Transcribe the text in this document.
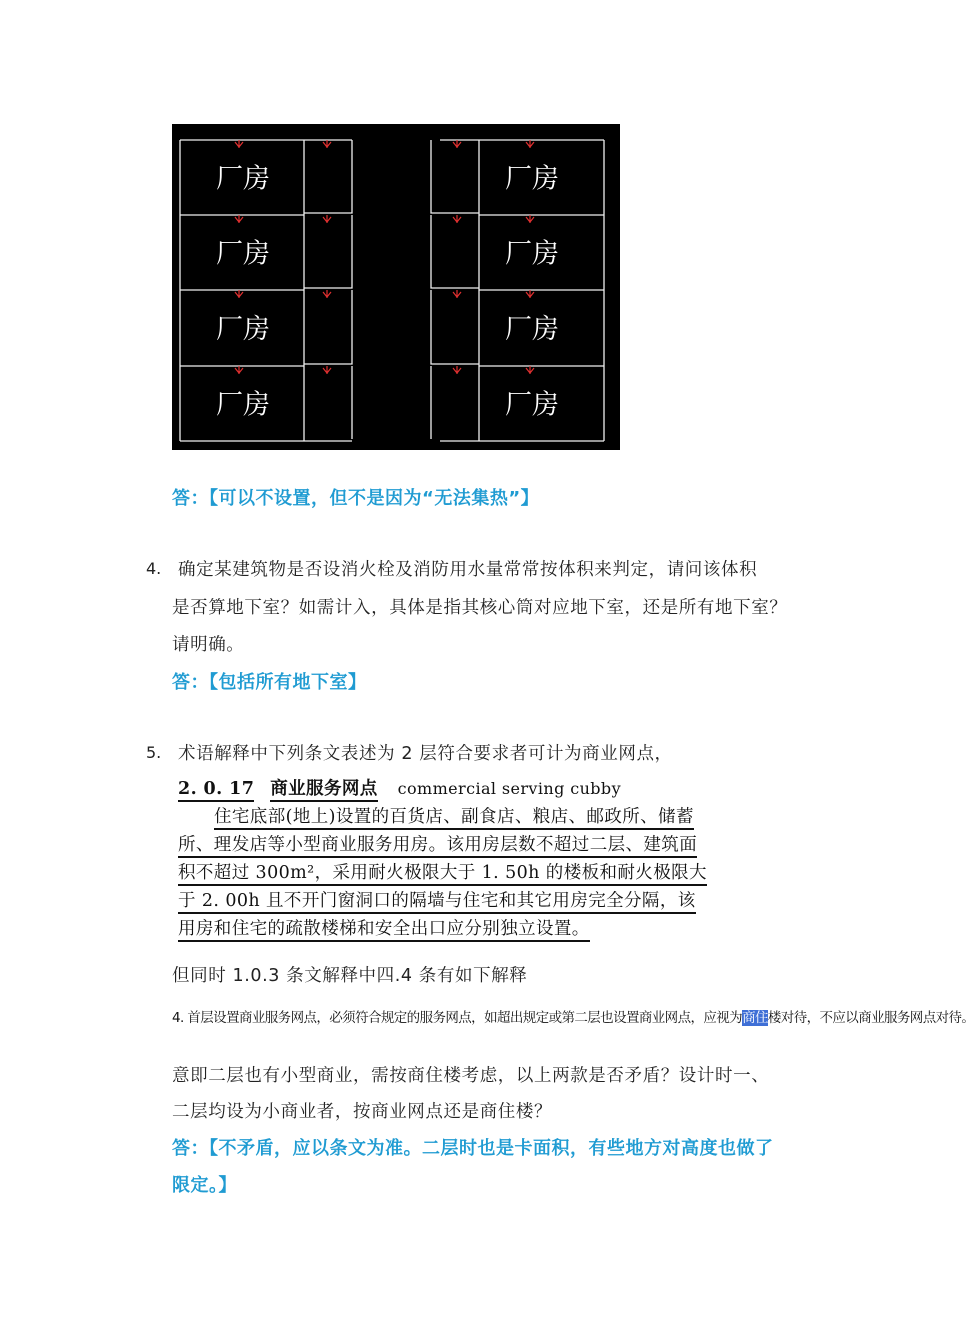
厂房	厂房
厂房	厂房
厂房	厂房
厂房	厂房
答：【可以不设置，但不是因为“无法集热”】
4. 确定某建筑物是否设消火栓及消防用水量常常按体积来判定，请问该体积
是否算地下室？如需计入，具体是指其核心筒对应地下室，还是所有地下室？
请明确。
答：【包括所有地下室】
5. 术语解释中下列条文表述为 2 层符合要求者可计为商业网点，
2. 0. 17 商业服务网点 commercial serving cubby
住宅底部(地上)设置的百货店、副食店、粮店、邮政所、储蓄
所、理发店等小型商业服务用房。该用房层数不超过二层、建筑面
积不超过 300m²，采用耐火极限大于 1. 50h 的楼板和耐火极限大
于 2. 00h 且不开门窗洞口的隔墙与住宅和其它用房完全分隔，该
用房和住宅的疏散楼梯和安全出口应分别独立设置。
但同时 1.0.3 条文解释中四.4 条有如下解释
4. 首层设置商业服务网点，必须符合规定的服务网点，如超出规定或第二层也设置商业网点，应视为商住楼对待，不应以商业服务网点对待。
意即二层也有小型商业，需按商住楼考虑，以上两款是否矛盾？设计时一、
二层均设为小商业者，按商业网点还是商住楼？
答：【不矛盾，应以条文为准。二层时也是卡面积，有些地方对高度也做了
限定。】
